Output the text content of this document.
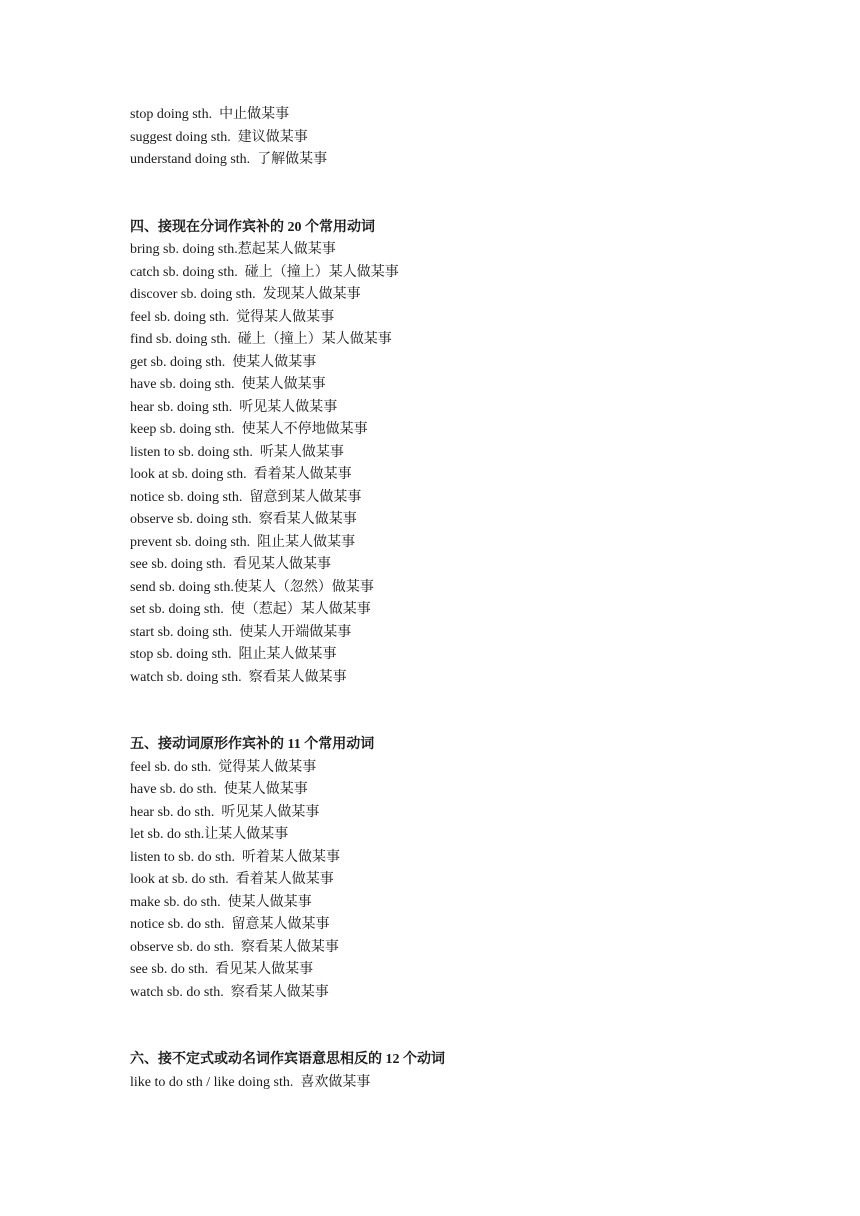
stop doing sth.  中止做某事
suggest doing sth.  建议做某事
understand doing sth.  了解做某事
四、接现在分词作宾补的 20 个常用动词
bring sb. doing sth.惹起某人做某事
catch sb. doing sth.  碰上（撞上）某人做某事
discover sb. doing sth.  发现某人做某事
feel sb. doing sth.  觉得某人做某事
find sb. doing sth.  碰上（撞上）某人做某事
get sb. doing sth.  使某人做某事
have sb. doing sth.  使某人做某事
hear sb. doing sth.  听见某人做某事
keep sb. doing sth.  使某人不停地做某事
listen to sb. doing sth.  听某人做某事
look at sb. doing sth.  看着某人做某事
notice sb. doing sth.  留意到某人做某事
observe sb. doing sth.  察看某人做某事
prevent sb. doing sth.  阻止某人做某事
see sb. doing sth.  看见某人做某事
send sb. doing sth.使某人（忽然）做某事
set sb. doing sth.  使（惹起）某人做某事
start sb. doing sth.  使某人开端做某事
stop sb. doing sth.  阻止某人做某事
watch sb. doing sth.  察看某人做某事
五、接动词原形作宾补的 11 个常用动词
feel sb. do sth.  觉得某人做某事
have sb. do sth.  使某人做某事
hear sb. do sth.  听见某人做某事
let sb. do sth.让某人做某事
listen to sb. do sth.  听着某人做某事
look at sb. do sth.  看着某人做某事
make sb. do sth.  使某人做某事
notice sb. do sth.  留意某人做某事
observe sb. do sth.  察看某人做某事
see sb. do sth.  看见某人做某事
watch sb. do sth.  察看某人做某事
六、接不定式或动名词作宾语意思相反的 12 个动词
like to do sth / like doing sth.  喜欢做某事
